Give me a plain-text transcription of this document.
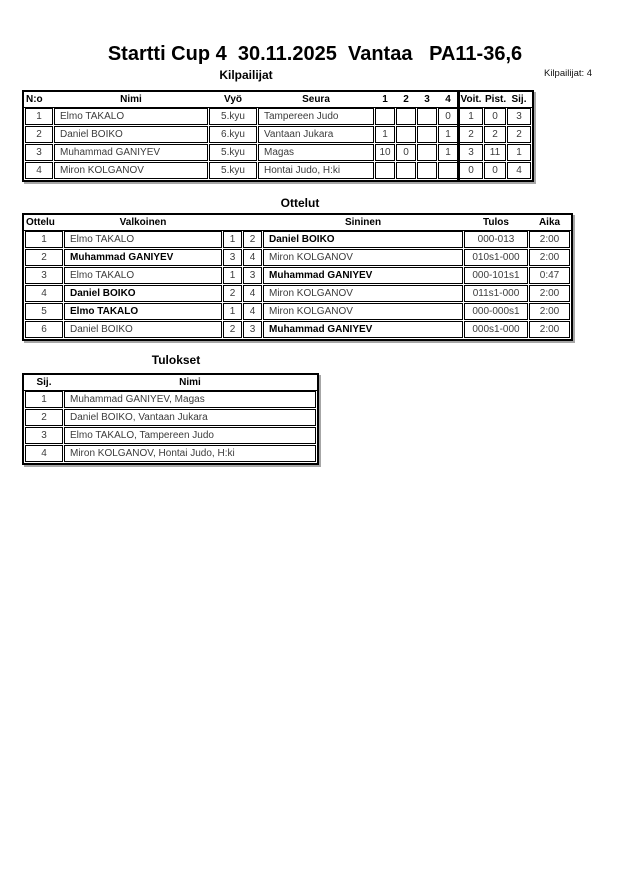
Startti Cup 4  30.11.2025  Vantaa   PA11-36,6
Kilpailijat	Kilpailijat: 4
N:o	Nimi	Vyö	Seura	1	2	3	4	Voit.	Pist.	Sij.
1	Elmo TAKALO	5.kyu	Tampereen Judo				0	1	0	3
2	Daniel BOIKO	6.kyu	Vantaan Jukara	1			1	2	2	2
3	Muhammad GANIYEV	5.kyu	Magas	10	0		1	3	11	1
4	Miron KOLGANOV	5.kyu	Hontai Judo, H:ki					0	0	4
Ottelut
Ottelu	Valkoinen			Sininen	Tulos	Aika
1	Elmo TAKALO	1	2	Daniel BOIKO	000-013	2:00
2	Muhammad GANIYEV	3	4	Miron KOLGANOV	010s1-000	2:00
3	Elmo TAKALO	1	3	Muhammad GANIYEV	000-101s1	0:47
4	Daniel BOIKO	2	4	Miron KOLGANOV	011s1-000	2:00
5	Elmo TAKALO	1	4	Miron KOLGANOV	000-000s1	2:00
6	Daniel BOIKO	2	3	Muhammad GANIYEV	000s1-000	2:00
Tulokset
Sij.	Nimi
1	Muhammad GANIYEV, Magas
2	Daniel BOIKO, Vantaan Jukara
3	Elmo TAKALO, Tampereen Judo
4	Miron KOLGANOV, Hontai Judo, H:ki
